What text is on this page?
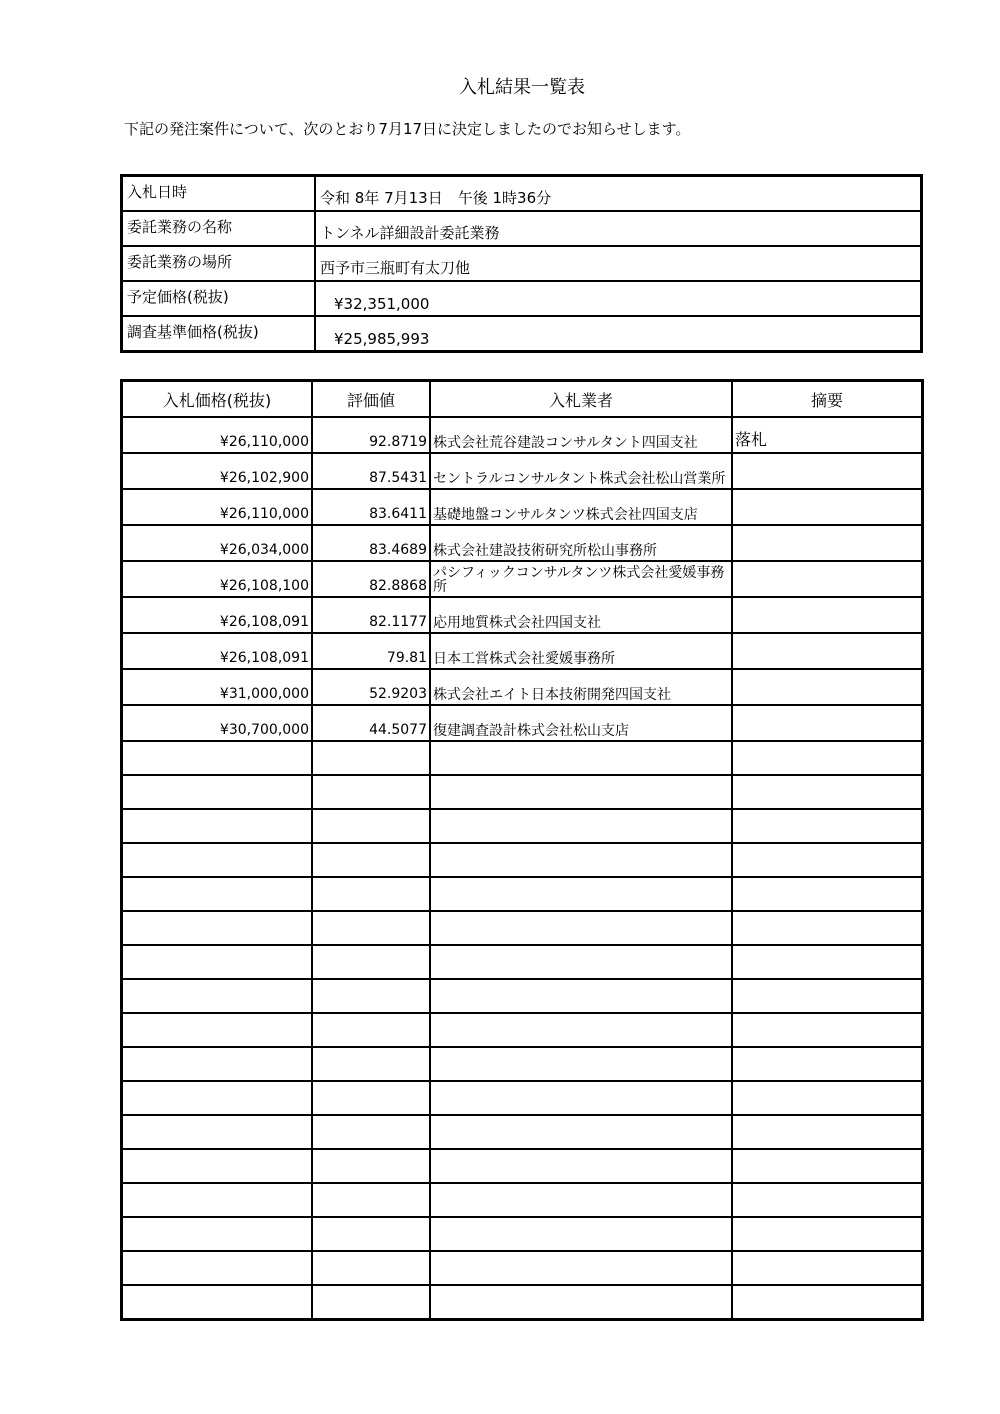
入札結果一覧表
下記の発注案件について、次のとおり7月17日に決定しましたのでお知らせします。
入札日時	令和 8年 7月13日　午後 1時36分
委託業務の名称	トンネル詳細設計委託業務
委託業務の場所	西予市三瓶町有太刀他
予定価格(税抜)	¥32,351,000
調査基準価格(税抜)	¥25,985,993
入札価格(税抜)	評価値	入札業者	摘要
¥26,110,000	92.8719	株式会社荒谷建設コンサルタント四国支社	落札
¥26,102,900	87.5431	セントラルコンサルタント株式会社松山営業所	
¥26,110,000	83.6411	基礎地盤コンサルタンツ株式会社四国支店	
¥26,034,000	83.4689	株式会社建設技術研究所松山事務所	
¥26,108,100	82.8868	パシフィックコンサルタンツ株式会社愛媛事務所	
¥26,108,091	82.1177	応用地質株式会社四国支社	
¥26,108,091	79.81	日本工営株式会社愛媛事務所	
¥31,000,000	52.9203	株式会社エイト日本技術開発四国支社	
¥30,700,000	44.5077	復建調査設計株式会社松山支店	
